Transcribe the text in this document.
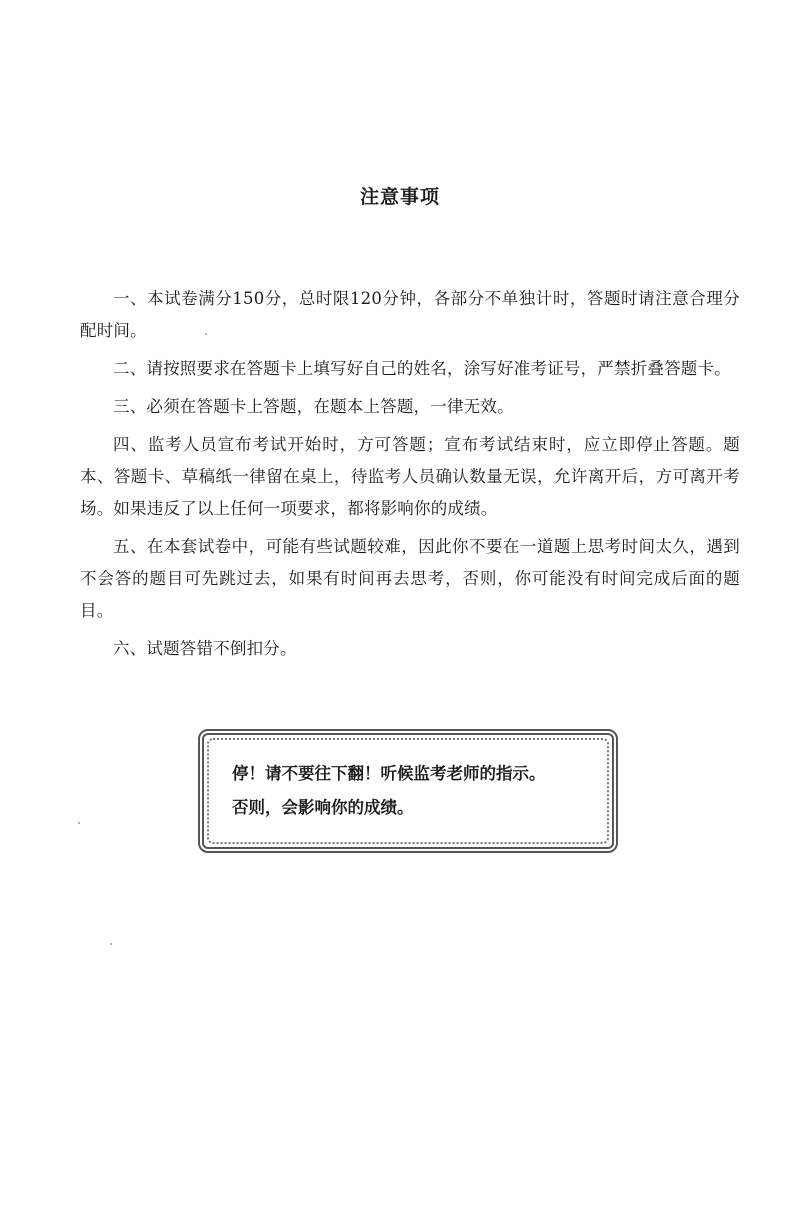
注意事项

一、本试卷满分150分，总时限120分钟，各部分不单独计时，答题时请注意合理分配时间。

二、请按照要求在答题卡上填写好自己的姓名，涂写好准考证号，严禁折叠答题卡。

三、必须在答题卡上答题，在题本上答题，一律无效。

四、监考人员宣布考试开始时，方可答题；宣布考试结束时，应立即停止答题。题本、答题卡、草稿纸一律留在桌上，待监考人员确认数量无误，允许离开后，方可离开考场。如果违反了以上任何一项要求，都将影响你的成绩。

五、在本套试卷中，可能有些试题较难，因此你不要在一道题上思考时间太久，遇到不会答的题目可先跳过去，如果有时间再去思考，否则，你可能没有时间完成后面的题目。

六、试题答错不倒扣分。

停！请不要往下翻！听候监考老师的指示。
否则，会影响你的成绩。
